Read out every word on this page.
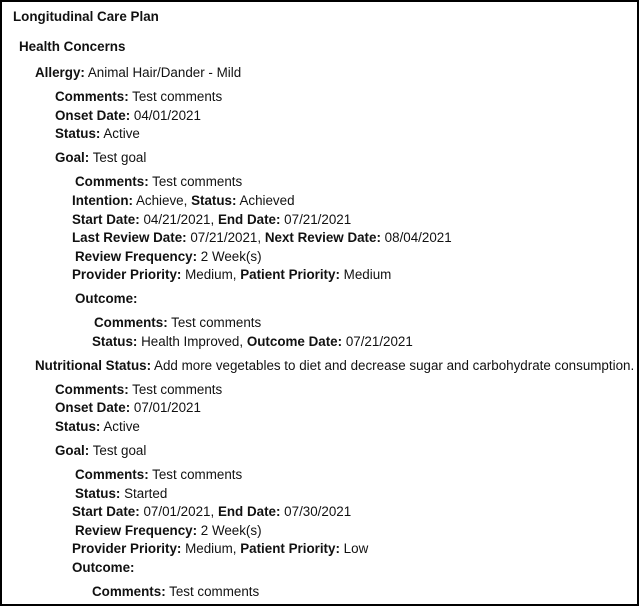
Longitudinal Care Plan
Health Concerns
Allergy: Animal Hair/Dander - Mild
Comments: Test comments
Onset Date: 04/01/2021
Status: Active
Goal: Test goal
Comments: Test comments
Intention: Achieve, Status: Achieved
Start Date: 04/21/2021, End Date: 07/21/2021
Last Review Date: 07/21/2021, Next Review Date: 08/04/2021
Review Frequency: 2 Week(s)
Provider Priority: Medium, Patient Priority: Medium
Outcome:
Comments: Test comments
Status: Health Improved, Outcome Date: 07/21/2021
Nutritional Status: Add more vegetables to diet and decrease sugar and carbohydrate consumption.
Comments: Test comments
Onset Date: 07/01/2021
Status: Active
Goal: Test goal
Comments: Test comments
Status: Started
Start Date: 07/01/2021, End Date: 07/30/2021
Review Frequency: 2 Week(s)
Provider Priority: Medium, Patient Priority: Low
Outcome:
Comments: Test comments
